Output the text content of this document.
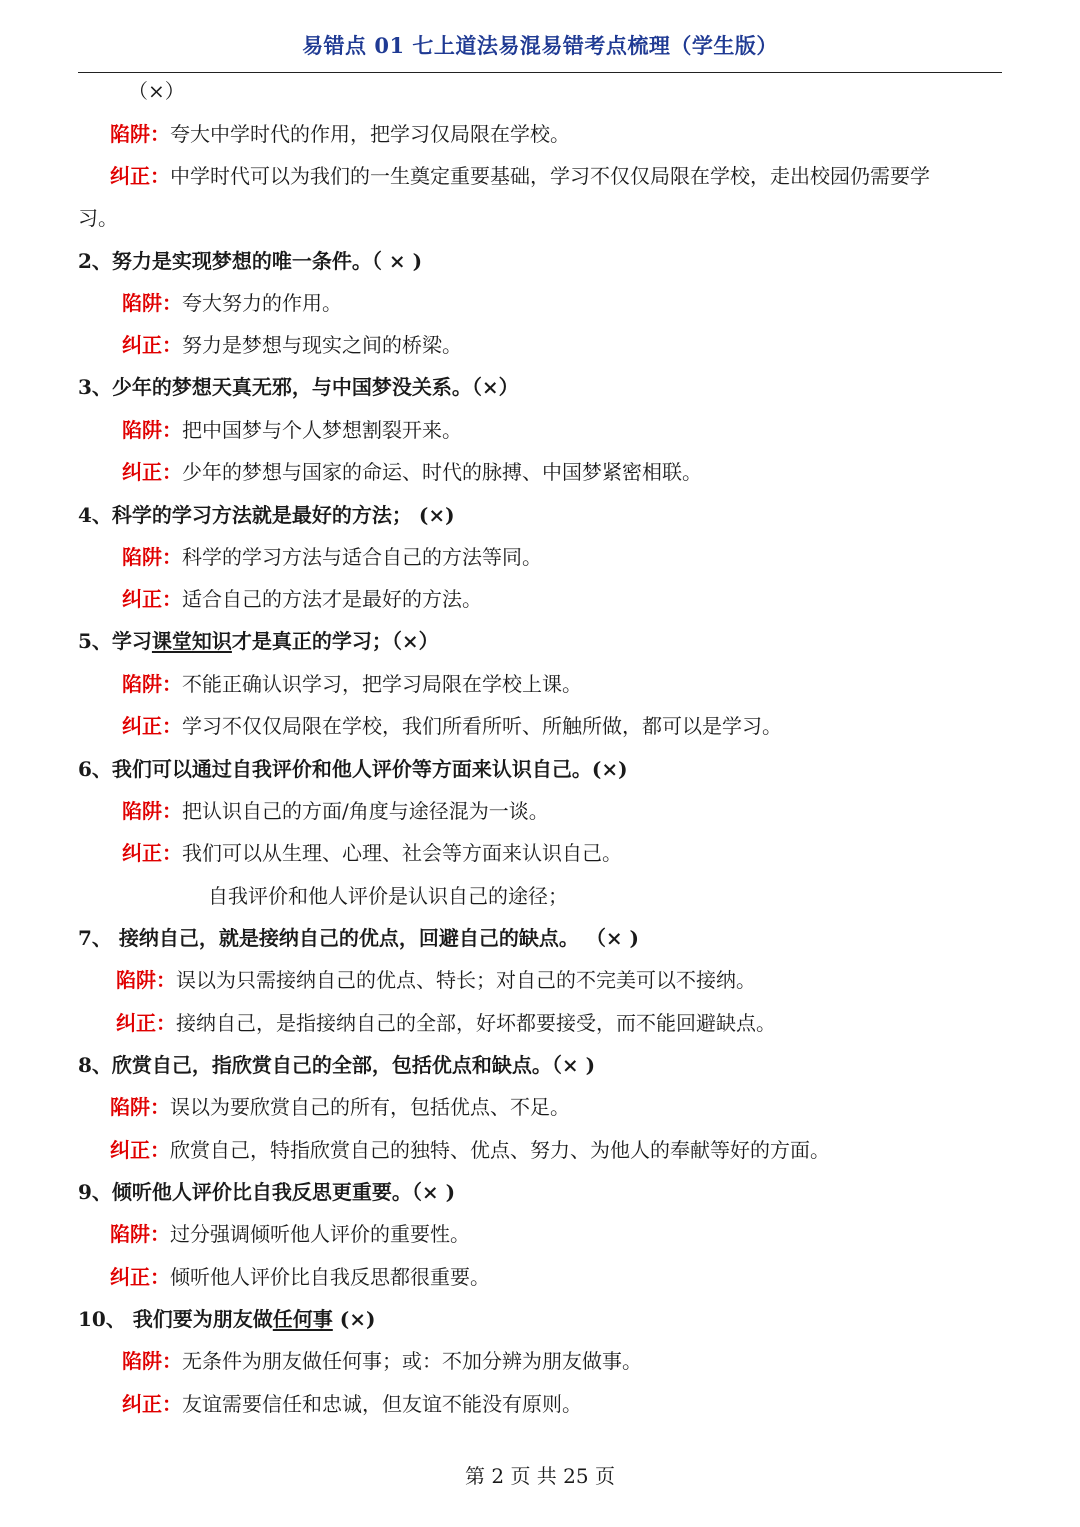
易错点 01 七上道法易混易错考点梳理（学生版）
（×）
陷阱：夸大中学时代的作用，把学习仅局限在学校。
纠正：中学时代可以为我们的一生奠定重要基础，学习不仅仅局限在学校，走出校园仍需要学
习。
2、努力是实现梦想的唯一条件。（ × )
陷阱：夸大努力的作用。
纠正：努力是梦想与现实之间的桥梁。
3、少年的梦想天真无邪，与中国梦没关系。（×）
陷阱：把中国梦与个人梦想割裂开来。
纠正：少年的梦想与国家的命运、时代的脉搏、中国梦紧密相联。
4、科学的学习方法就是最好的方法； (×)
陷阱：科学的学习方法与适合自己的方法等同。
纠正：适合自己的方法才是最好的方法。
5、学习课堂知识才是真正的学习；（×）
陷阱：不能正确认识学习，把学习局限在学校上课。
纠正：学习不仅仅局限在学校，我们所看所听、所触所做，都可以是学习。
6、我们可以通过自我评价和他人评价等方面来认识自己。(×)
陷阱：把认识自己的方面/角度与途径混为一谈。
纠正：我们可以从生理、心理、社会等方面来认识自己。
自我评价和他人评价是认识自己的途径；
7、 接纳自己，就是接纳自己的优点，回避自己的缺点。 （× )
陷阱：误以为只需接纳自己的优点、特长；对自己的不完美可以不接纳。
纠正：接纳自己，是指接纳自己的全部，好坏都要接受，而不能回避缺点。
8、欣赏自己，指欣赏自己的全部，包括优点和缺点。（× )
陷阱：误以为要欣赏自己的所有，包括优点、不足。
纠正：欣赏自己，特指欣赏自己的独特、优点、努力、为他人的奉献等好的方面。
9、倾听他人评价比自我反思更重要。（× )
陷阱：过分强调倾听他人评价的重要性。
纠正：倾听他人评价比自我反思都很重要。
10、 我们要为朋友做任何事 (×)
陷阱：无条件为朋友做任何事；或：不加分辨为朋友做事。
纠正：友谊需要信任和忠诚，但友谊不能没有原则。
第 2 页 共 25 页
